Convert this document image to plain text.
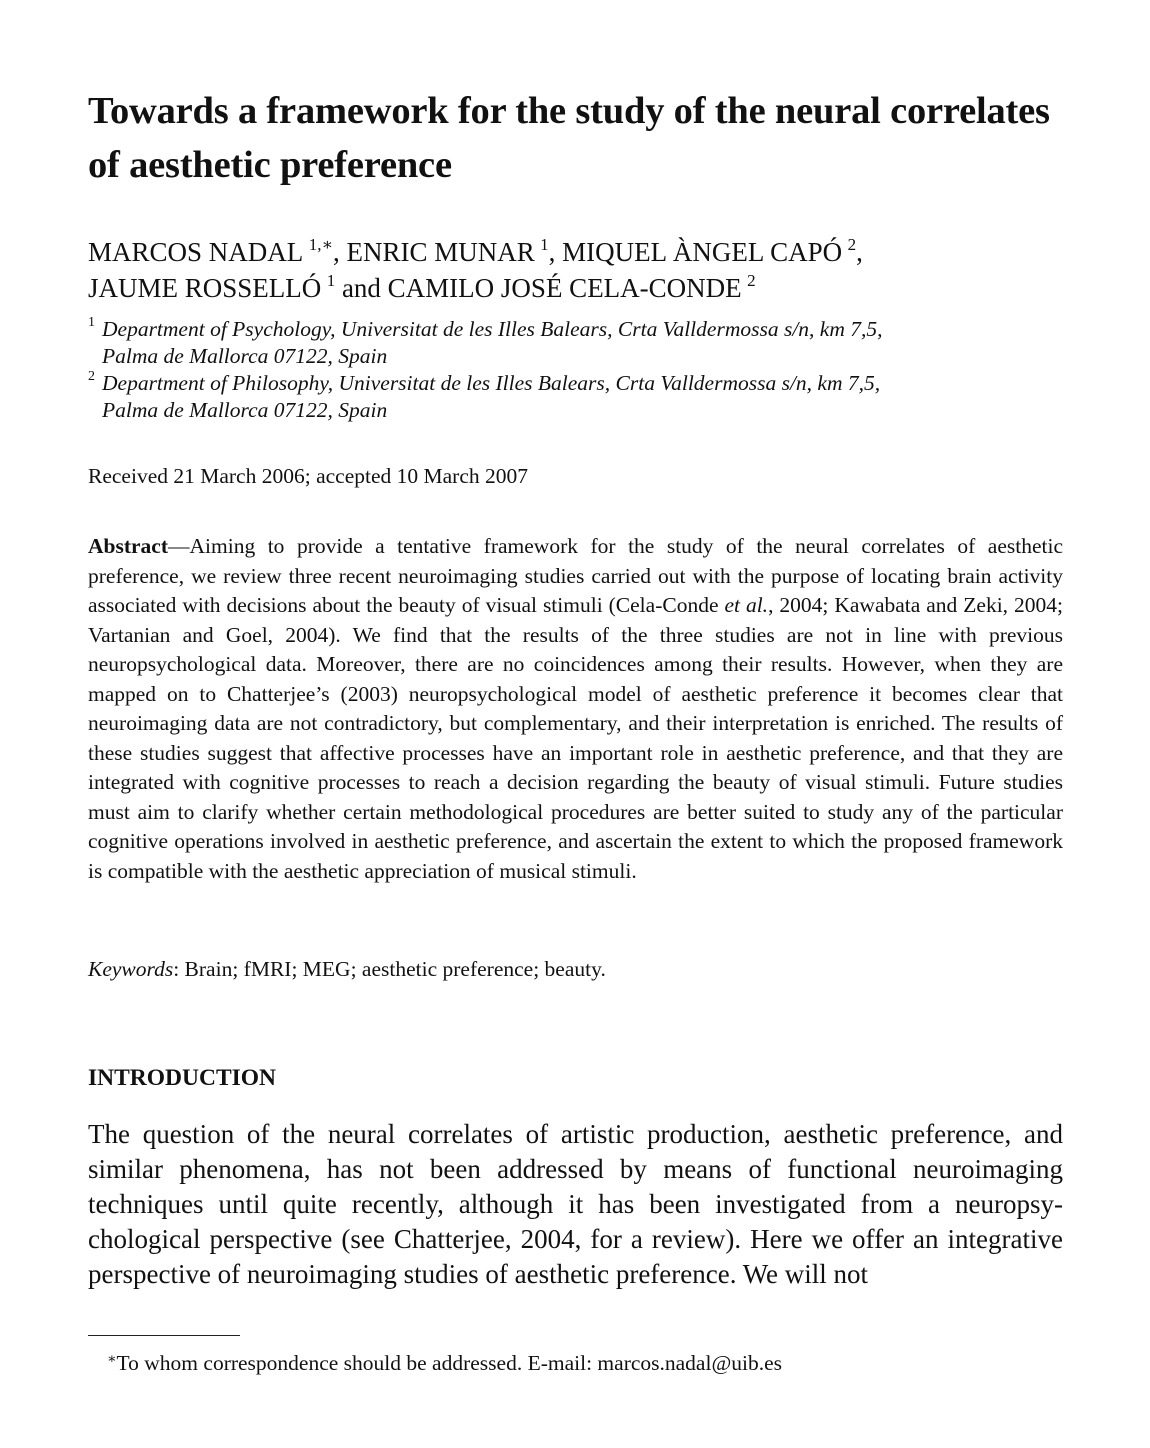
Towards a framework for the study of the neural correlates of aesthetic preference
MARCOS NADAL  $^{1,∗}$, ENRIC MUNAR  $^1$, MIQUEL ÀNGEL CAPÓ  $^2$,
JAUME ROSSELLÓ  $^1$ and CAMILO JOSÉ CELA-CONDE  $^2$
1 Department of Psychology, Universitat de les Illes Balears, Crta Valldermossa s/n, km 7,5,
Palma de Mallorca 07122, Spain
2 Department of Philosophy, Universitat de les Illes Balears, Crta Valldermossa s/n, km 7,5,
Palma de Mallorca 07122, Spain
Received 21 March 2006; accepted 10 March 2007

Abstract—Aiming to provide a tentative framework for the study of the neural correlates of aesthetic preference, we review three recent neuroimaging studies carried out with the purpose of locating brain activity associated with decisions about the beauty of visual stimuli (Cela-Conde et al., 2004; Kawabata and Zeki, 2004; Vartanian and Goel, 2004). We find that the results of the three studies are not in line with previous neuropsychological data. Moreover, there are no coincidences among their results. However, when they are mapped on to Chatterjee’s (2003) neuropsychological model of aesthetic preference it becomes clear that neuroimaging data are not contradictory, but complementary, and their interpretation is enriched. The results of these studies suggest that affective processes have an important role in aesthetic preference, and that they are integrated with cognitive processes to reach a decision regarding the beauty of visual stimuli. Future studies must aim to clarify whether certain methodological procedures are better suited to study any of the particular cognitive operations involved in aesthetic preference, and ascertain the extent to which the proposed framework is compatible with the aesthetic appreciation of musical stimuli.

Keywords: Brain; fMRI; MEG; aesthetic preference; beauty.
INTRODUCTION

The question of the neural correlates of artistic production, aesthetic preference, and similar phenomena, has not been addressed by means of functional neuroimaging techniques until quite recently, although it has been investigated from a neuropsychological perspective (see Chatterjee, 2004, for a review). Here we offer an integrative perspective of neuroimaging studies of aesthetic preference. We will not

∗To whom correspondence should be addressed. E-mail: marcos.nadal@uib.es
